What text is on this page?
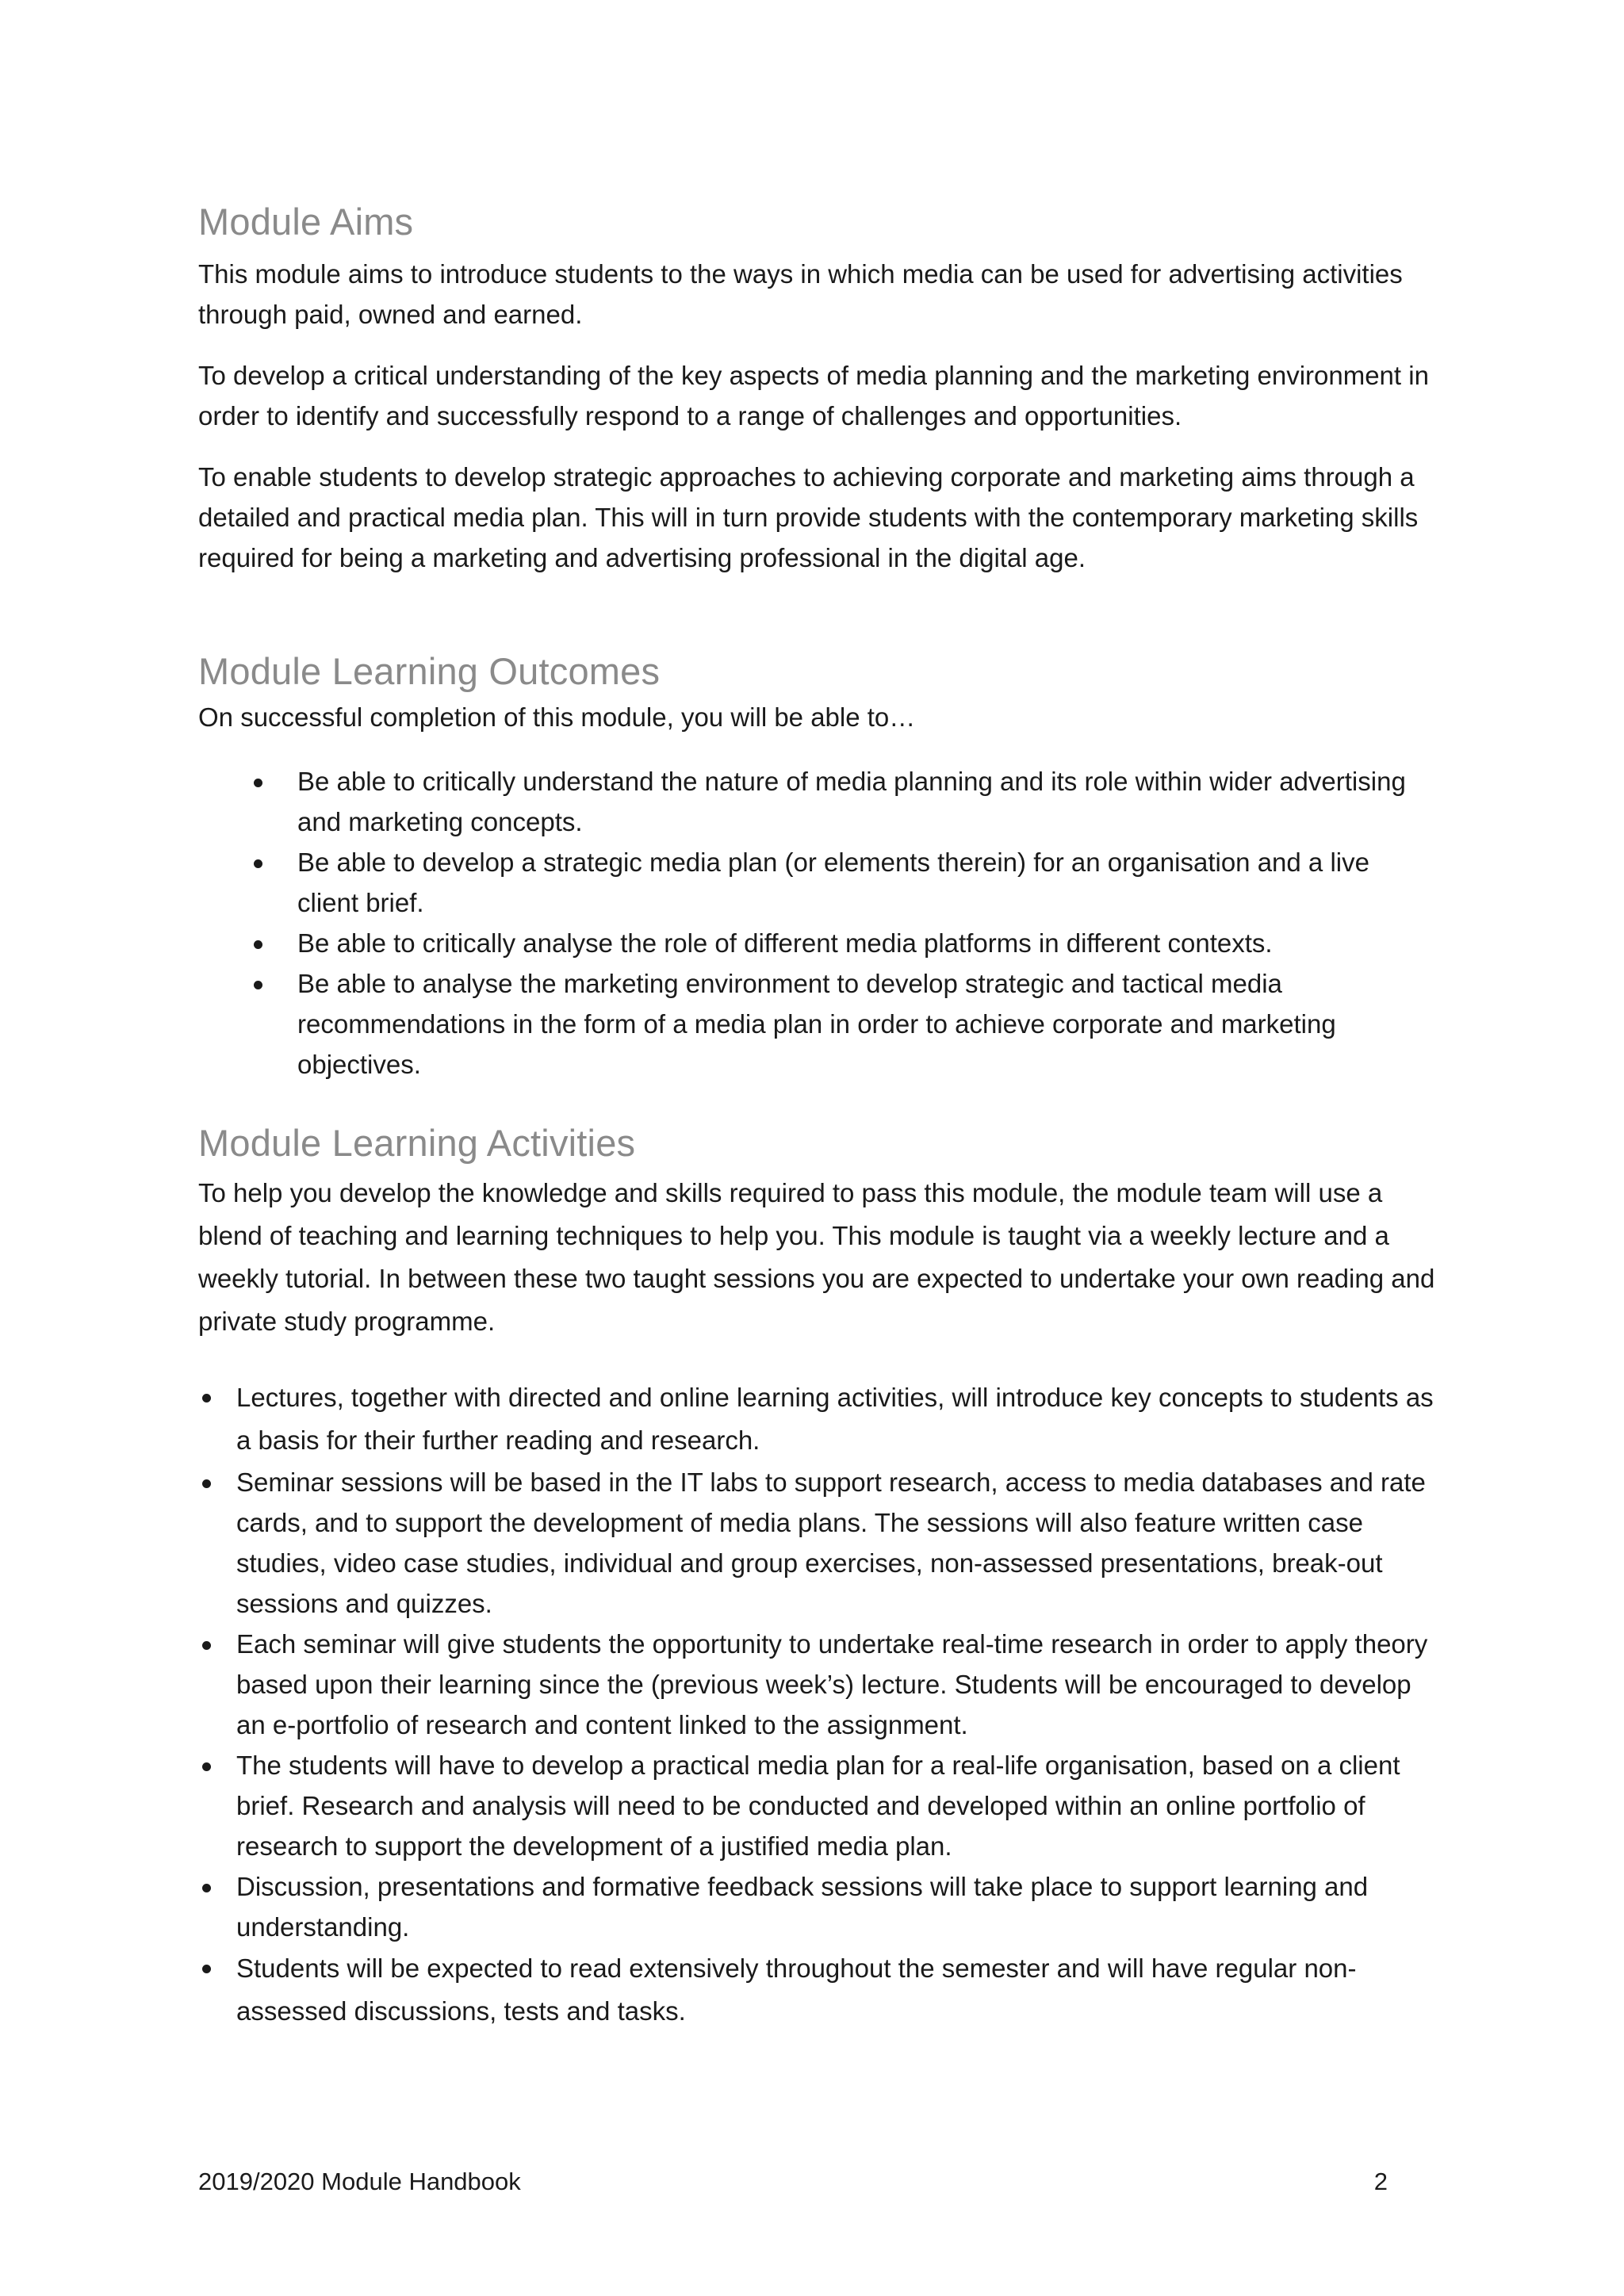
Module Aims

This module aims to introduce students to the ways in which media can be used for advertising activities through paid, owned and earned.

To develop a critical understanding of the key aspects of media planning and the marketing environment in order to identify and successfully respond to a range of challenges and opportunities.

To enable students to develop strategic approaches to achieving corporate and marketing aims through a detailed and practical media plan. This will in turn provide students with the contemporary marketing skills required for being a marketing and advertising professional in the digital age.

Module Learning Outcomes

On successful completion of this module, you will be able to…

Be able to critically understand the nature of media planning and its role within wider advertising and marketing concepts.
Be able to develop a strategic media plan (or elements therein) for an organisation and a live client brief.
Be able to critically analyse the role of different media platforms in different contexts.
Be able to analyse the marketing environment to develop strategic and tactical media recommendations in the form of a media plan in order to achieve corporate and marketing objectives.
Module Learning Activities

To help you develop the knowledge and skills required to pass this module, the module team will use a blend of teaching and learning techniques to help you. This module is taught via a weekly lecture and a weekly tutorial. In between these two taught sessions you are expected to undertake your own reading and private study programme.

Lectures, together with directed and online learning activities, will introduce key concepts to students as a basis for their further reading and research.
Seminar sessions will be based in the IT labs to support research, access to media databases and rate cards, and to support the development of media plans. The sessions will also feature written case studies, video case studies, individual and group exercises, non-assessed presentations, break-out sessions and quizzes.
Each seminar will give students the opportunity to undertake real-time research in order to apply theory based upon their learning since the (previous week’s) lecture. Students will be encouraged to develop an e-portfolio of research and content linked to the assignment.
The students will have to develop a practical media plan for a real-life organisation, based on a client brief. Research and analysis will need to be conducted and developed within an online portfolio of research to support the development of a justified media plan.
Discussion, presentations and formative feedback sessions will take place to support learning and understanding.
Students will be expected to read extensively throughout the semester and will have regular non-assessed discussions, tests and tasks.
2019/2020 Module Handbook	2
